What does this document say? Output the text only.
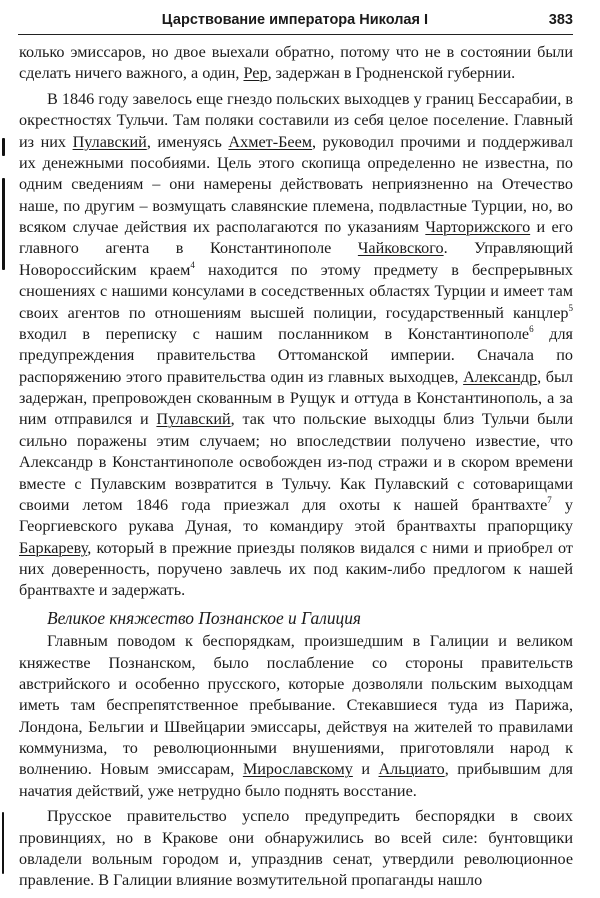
Царствование императора Николая I	383

колько эмиссаров, но двое выехали обратно, потому что не в состоянии были сделать ничего важного, а один, Рер, задержан в Гродненской губернии.

В 1846 году завелось еще гнездо польских выходцев у границ Бессарабии, в окрестностях Тульчи. Там поляки составили из себя целое поселение. Главный из них Пулавский, именуясь Ахмет-Беем, руководил прочими и поддерживал их денежными пособиями. Цель этого скопища определенно не известна, по одним сведениям – они намерены действовать неприязненно на Отечество наше, по другим – возмущать славянские племена, подвластные Турции, но, во всяком случае действия их располагаются по указаниям Чарторижского и его главного агента в Константинополе Чайковского. Управляющий Новороссийским краем$^4$ находится по этому предмету в беспрерывных сношениях с нашими консулами в соседственных областях Турции и имеет там своих агентов по отношениям высшей полиции, государственный канцлер$^5$ входил в переписку с нашим посланником в Константинополе$^6$ для предупреждения правительства Оттоманской империи. Сначала по распоряжению этого правительства один из главных выходцев, Александр, был задержан, препровожден скованным в Рущук и оттуда в Константинополь, а за ним отправился и Пулавский, так что польские выходцы близ Тульчи были сильно поражены этим случаем; но впоследствии получено известие, что Александр в Константинополе освобожден из-под стражи и в скором времени вместе с Пулавским возвратится в Тульчу. Как Пулавский с сотоварищами своими летом 1846 года приезжал для охоты к нашей брантвахте$^7$ у Георгиевского рукава Дуная, то командиру этой брантвахты прапорщику Баркареву, который в прежние приезды поляков видался с ними и приобрел от них доверенность, поручено завлечь их под каким-либо предлогом к нашей брантвахте и задержать.

Великое княжество Познанское и Галиция

Главным поводом к беспорядкам, произшедшим в Галиции и великом княжестве Познанском, было послабление со стороны правительств австрийского и особенно прусского, которые дозволяли польским выходцам иметь там беспрепятственное пребывание. Стекавшиеся туда из Парижа, Лондона, Бельгии и Швейцарии эмиссары, действуя на жителей то правилами коммунизма, то революционными внушениями, приготовляли народ к волнению. Новым эмиссарам, Мирославскому и Альциато, прибывшим для начатия действий, уже нетрудно было поднять восстание.

Прусское правительство успело предупредить беспорядки в своих провинциях, но в Кракове они обнаружились во всей силе: бунтовщики овладели вольным городом и, упразднив сенат, утвердили революционное правление. В Галиции влияние возмутительной пропаганды нашло
